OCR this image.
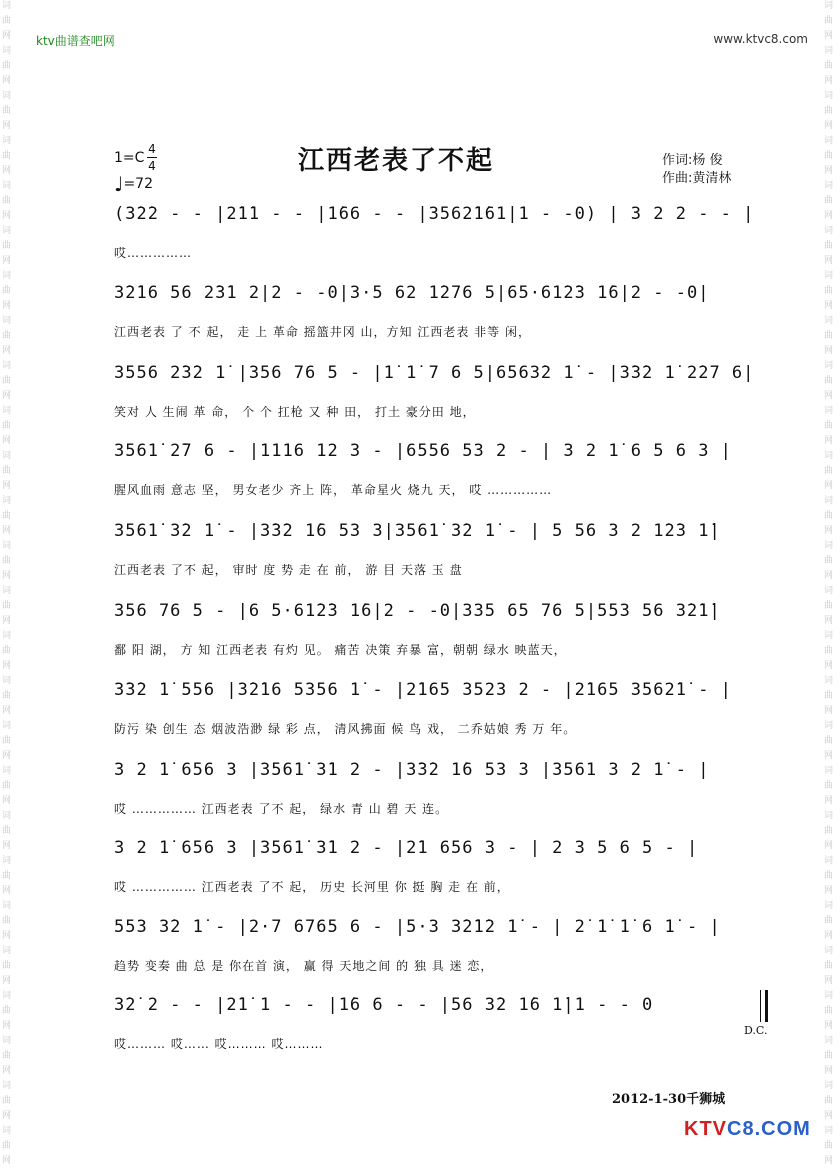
词
曲
网
词
曲
网
词
曲
网
词
曲
网
词
曲
网
词
曲
网
词
曲
网
词
曲
网
词
曲
网
词
曲
网
词
曲
网
词
曲
网
词
曲
网
词
曲
网
词
曲
网
词
曲
网
词
曲
网
词
曲
网
词
曲
网
词
曲
网
词
曲
网
词
曲
网
词
曲
网
词
曲
网
词
曲
网
词
曲
网
词
曲
网
词
曲
网
词
曲
网
词
曲
网
词
曲
网
词
曲
网
词
曲
网
词
曲
网
词
曲
网
词
曲
网
词
曲
网
词
曲
网
词
曲
网
词
曲
网
词
曲
网
词
曲
网
词
曲
网
词
曲
网
词
曲
网
词
曲
网
词
曲
网
词
曲
网
词
曲
网
词
曲
网
词
曲
网
词
曲
网
ktv曲谱查吧网	www.ktvc8.com
1=C
4
4
♩=72
江西老表了不起	作词:杨 俊
作曲:黄清林
(3̇2̇2 - - |2̇1̇1 - - |1̇66 - - |3562̇1̇61|1 - -0) | 3 2 2 - - |
哎……………
3̇2̇16 56 2̇3̇1 2|2 - -0|3·5 62 1̇276 5|65·61̇2̇3 1̇6|2 - -0|
江西老表 了 不 起， 走 上 革命 摇篮井冈 山，方知 江西老表 非等 闲，
3556 2̇3̇2 1̇ |356 76 5 - |1̇ 1̇ 7 6 5|6563̇2 1̇ - |3̇3̇2 1̇ 2̇27 6|
笑对 人 生闹 革 命， 个 个 扛枪 又 种 田， 打土 豪分田 地，
3561̇ 2̇7 6 - |1116 12 3 - |6556 53 2 - | 3 2 1̇ 6 5 6 3 |
腥风血雨 意志 坚， 男女老少 齐上 阵， 革命星火 烧九 天， 哎 ……………
3561̇ 3̇2 1̇ - |3̇3̇2 1̇6 53 3|3561̇ 3̇2 1̇ - | 5 56 3 2 1̇2̇3 1̇|
江西老表 了不 起， 审时 度 势 走 在 前， 游 目 天落 玉 盘
356 76 5 - |6 5·61̇2̇3 1̇6|2 - -0|335 65 76 5|553 56 3̇2̇1̇|
鄱 阳 湖， 方 知 江西老表 有灼 见。 痛苦 决策 弃暴 富，朝朝 绿水 映蓝天，
3̇3̇2 1̇ 556 |3̇2̇16 5356 1̇ - |2̇165 3523 2 - |2̇165 3562̇1̇ - |
防污 染 创生 态 烟波浩渺 绿 彩 点， 清风拂面 候 鸟 戏， 二乔姑娘 秀 万 年。
3 2 1̇ 656 3 |3561̇ 3̇1 2 - |3̇3̇2 1̇6 53 3 |3561 3 2 1̇ - |
哎 …………… 江西老表 了不 起， 绿水 青 山 碧 天 连。
3 2 1̇ 656 3 |3561̇ 3̇1 2 - |2̇1 656 3 - | 2 3 5 6 5 - |
哎 …………… 江西老表 了不 起， 历史 长河里 你 挺 胸 走 在 前，
553 3̇2 1̇ - |2·7 6765 6 - |5·3 3̇2̇1̇2 1̇ - | 2̇ 1̇ 1̇ 6 1̇ - |
趋势 变奏 曲 总 是 你在首 演， 赢 得 天地之间 的 独 具 迷 恋，
3̇2̇ 2 - - |2̇1̇ 1 - - |1̇6 6 - - |56 3̇2 1̇6 1̇|1 - - 0
哎……… 哎…… 哎……… 哎………
D.C.
2012-1-30千狮城
KTVC8.COM
